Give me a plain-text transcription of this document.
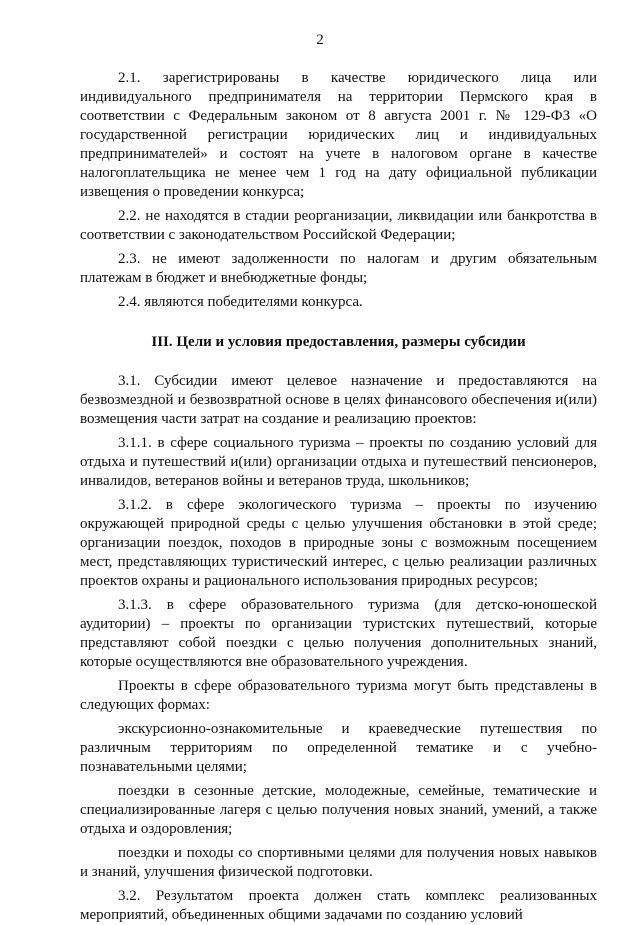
2

2.1. зарегистрированы в качестве юридического лица или индивидуального предпринимателя на территории Пермского края в соответствии с Федеральным законом от 8 августа 2001 г. № 129-ФЗ «О государственной регистрации юридических лиц и индивидуальных предпринимателей» и состоят на учете в налоговом органе в качестве налогоплательщика не менее чем 1 год на дату официальной публикации извещения о проведении конкурса;

2.2. не находятся в стадии реорганизации, ликвидации или банкротства в соответствии с законодательством Российской Федерации;

2.3. не имеют задолженности по налогам и другим обязательным платежам в бюджет и внебюджетные фонды;

2.4. являются победителями конкурса.

III. Цели и условия предоставления, размеры субсидии

3.1. Субсидии имеют целевое назначение и предоставляются на безвозмездной и безвозвратной основе в целях финансового обеспечения и(или) возмещения части затрат на создание и реализацию проектов:

3.1.1. в сфере социального туризма – проекты по созданию условий для отдыха и путешествий и(или) организации отдыха и путешествий пенсионеров, инвалидов, ветеранов войны и ветеранов труда, школьников;

3.1.2. в сфере экологического туризма – проекты по изучению окружающей природной среды с целью улучшения обстановки в этой среде; организации поездок, походов в природные зоны с возможным посещением мест, представляющих туристический интерес, с целью реализации различных проектов охраны и рационального использования природных ресурсов;

3.1.3. в сфере образовательного туризма (для детско-юношеской аудитории) – проекты по организации туристских путешествий, которые представляют собой поездки с целью получения дополнительных знаний, которые осуществляются вне образовательного учреждения.

Проекты в сфере образовательного туризма могут быть представлены в следующих формах:

экскурсионно-ознакомительные и краеведческие путешествия по различным территориям по определенной тематике и с учебно-познавательными целями;

поездки в сезонные детские, молодежные, семейные, тематические и специализированные лагеря с целью получения новых знаний, умений, а также отдыха и оздоровления;

поездки и походы со спортивными целями для получения новых навыков и знаний, улучшения физической подготовки.

3.2. Результатом проекта должен стать комплекс реализованных мероприятий, объединенных общими задачами по созданию условий
